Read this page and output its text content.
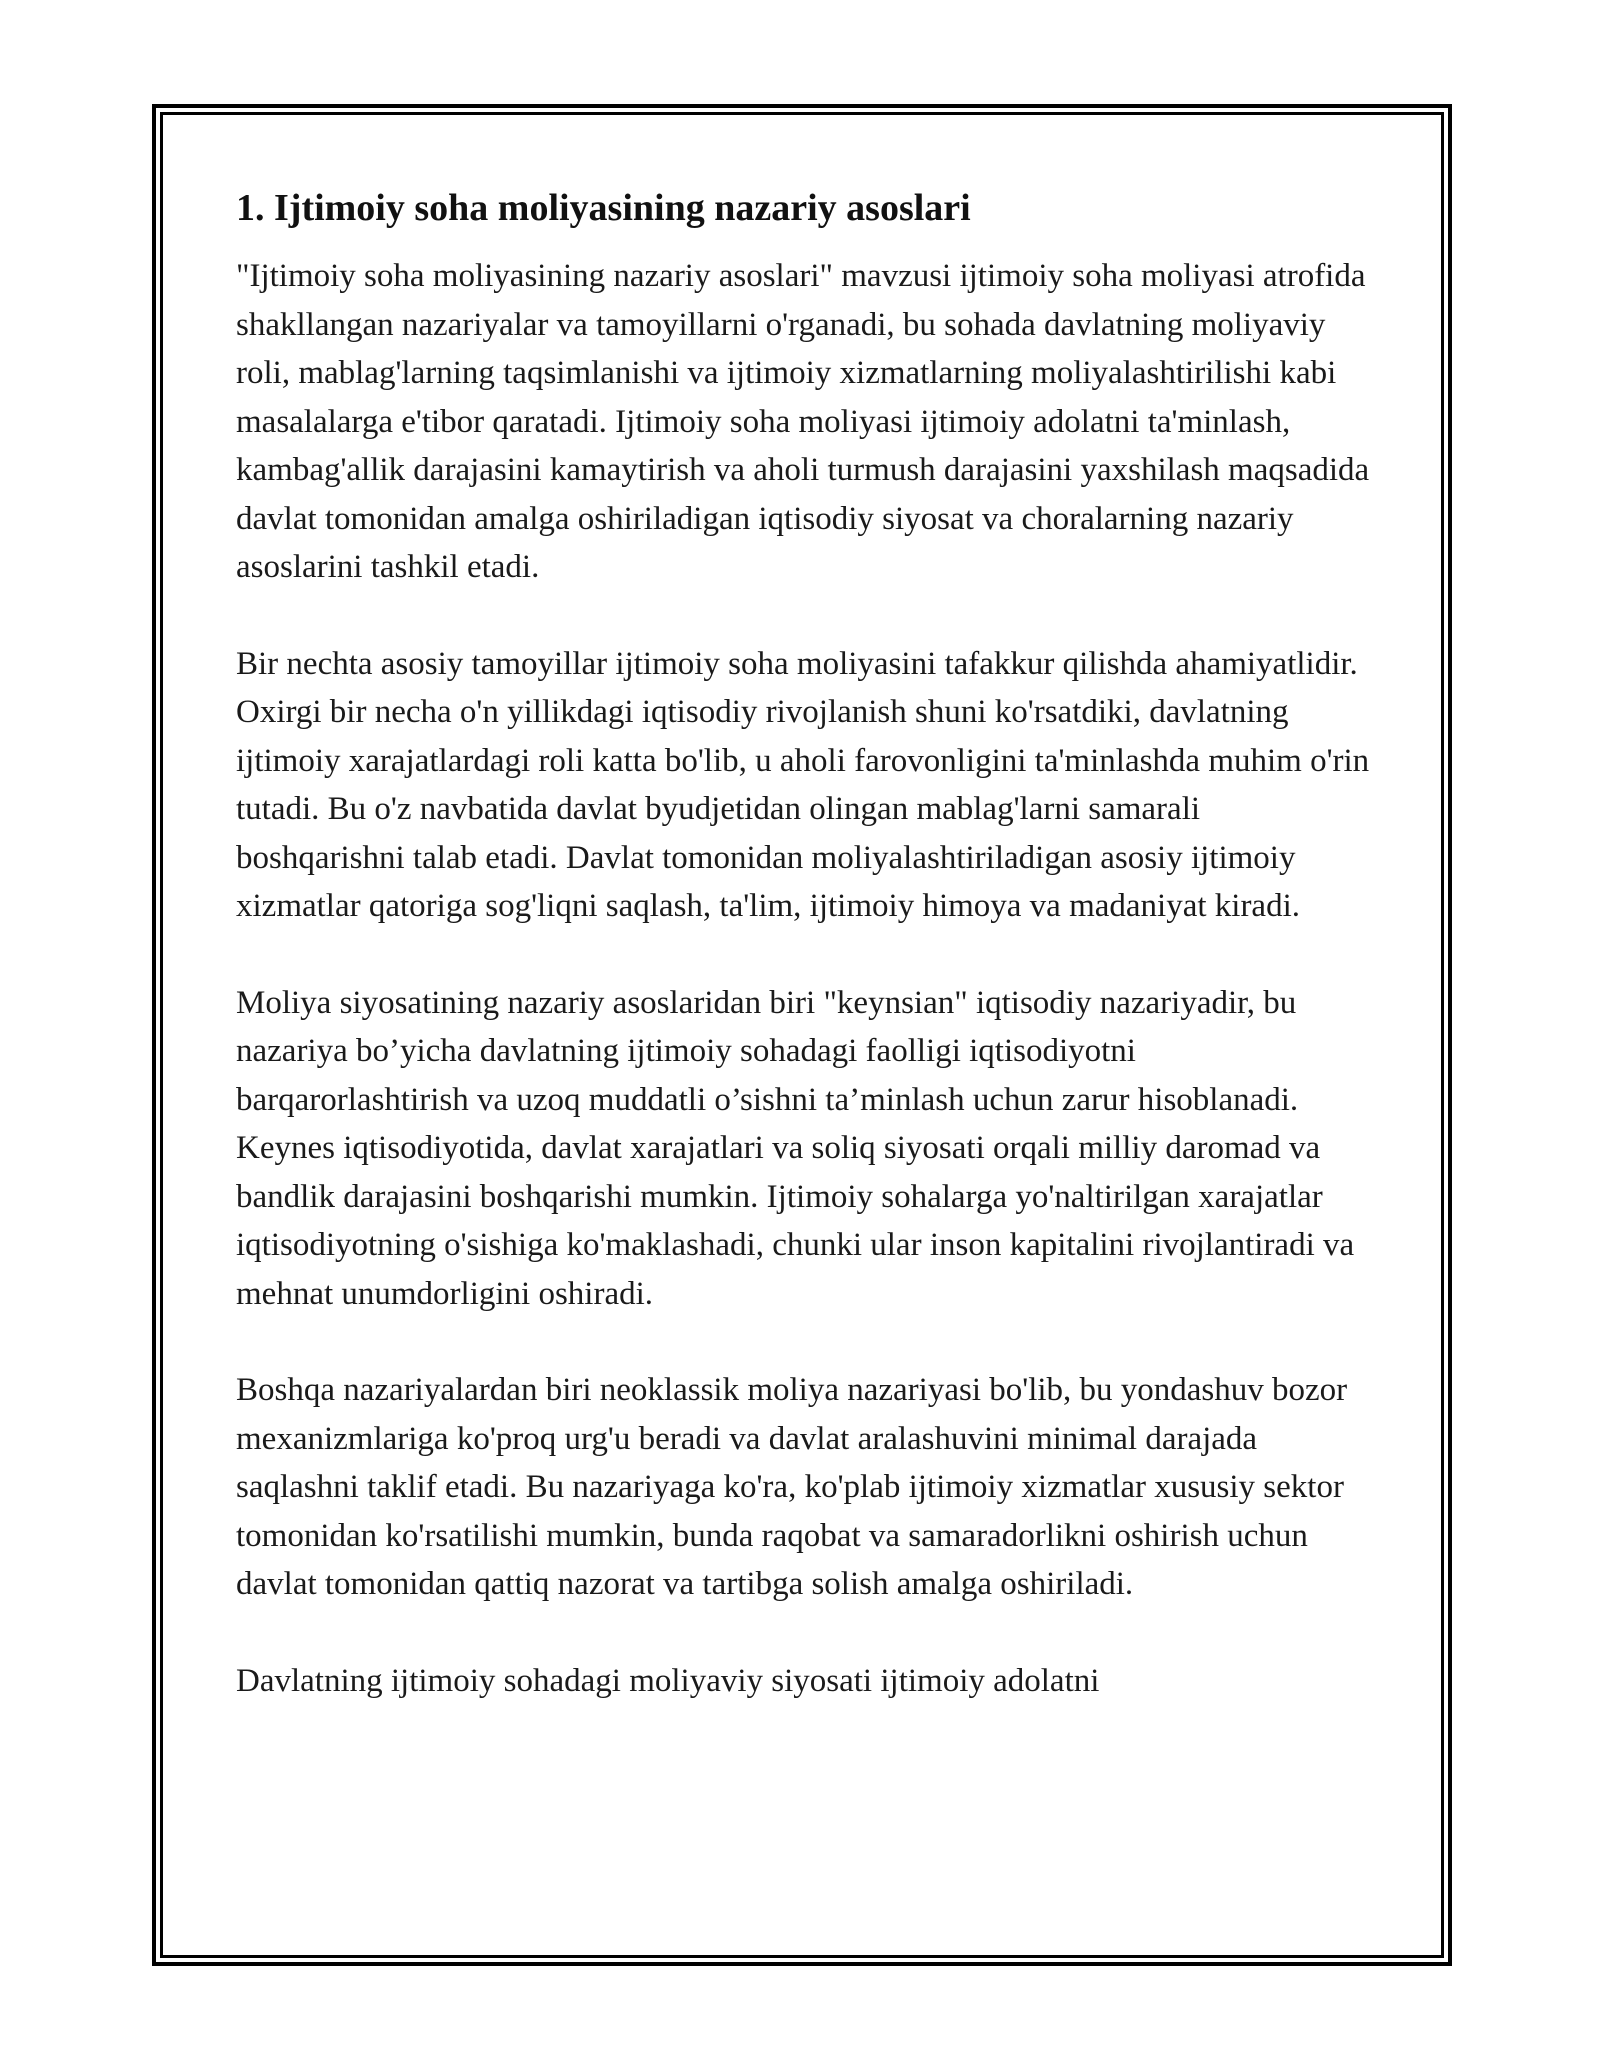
1. Ijtimoiy soha moliyasining nazariy asoslari

"Ijtimoiy soha moliyasining nazariy asoslari" mavzusi ijtimoiy soha moliyasi atrofida shakllangan nazariyalar va tamoyillarni o'rganadi, bu sohada davlatning moliyaviy roli, mablag'larning taqsimlanishi va ijtimoiy xizmatlarning moliyalashtirilishi kabi masalalarga e'tibor qaratadi. Ijtimoiy soha moliyasi ijtimoiy adolatni ta'minlash, kambag'allik darajasini kamaytirish va aholi turmush darajasini yaxshilash maqsadida davlat tomonidan amalga oshiriladigan iqtisodiy siyosat va choralarning nazariy asoslarini tashkil etadi.

Bir nechta asosiy tamoyillar ijtimoiy soha moliyasini tafakkur qilishda ahamiyatlidir. Oxirgi bir necha o'n yillikdagi iqtisodiy rivojlanish shuni ko'rsatdiki, davlatning ijtimoiy xarajatlardagi roli katta bo'lib, u aholi farovonligini ta'minlashda muhim o'rin tutadi. Bu o'z navbatida davlat byudjetidan olingan mablag'larni samarali boshqarishni talab etadi. Davlat tomonidan moliyalashtiriladigan asosiy ijtimoiy xizmatlar qatoriga sog'liqni saqlash, ta'lim, ijtimoiy himoya va madaniyat kiradi.

Moliya siyosatining nazariy asoslaridan biri "keynsian" iqtisodiy nazariyadir, bu nazariya bo’yicha davlatning ijtimoiy sohadagi faolligi iqtisodiyotni barqarorlashtirish va uzoq muddatli o’sishni ta’minlash uchun zarur hisoblanadi. Keynes iqtisodiyotida, davlat xarajatlari va soliq siyosati orqali milliy daromad va bandlik darajasini boshqarishi mumkin. Ijtimoiy sohalarga yo'naltirilgan xarajatlar iqtisodiyotning o'sishiga ko'maklashadi, chunki ular inson kapitalini rivojlantiradi va mehnat unumdorligini oshiradi.

Boshqa nazariyalardan biri neoklassik moliya nazariyasi bo'lib, bu yondashuv bozor mexanizmlariga ko'proq urg'u beradi va davlat aralashuvini minimal darajada saqlashni taklif etadi. Bu nazariyaga ko'ra, ko'plab ijtimoiy xizmatlar xususiy sektor tomonidan ko'rsatilishi mumkin, bunda raqobat va samaradorlikni oshirish uchun davlat tomonidan qattiq nazorat va tartibga solish amalga oshiriladi.

Davlatning ijtimoiy sohadagi moliyaviy siyosati ijtimoiy adolatni
